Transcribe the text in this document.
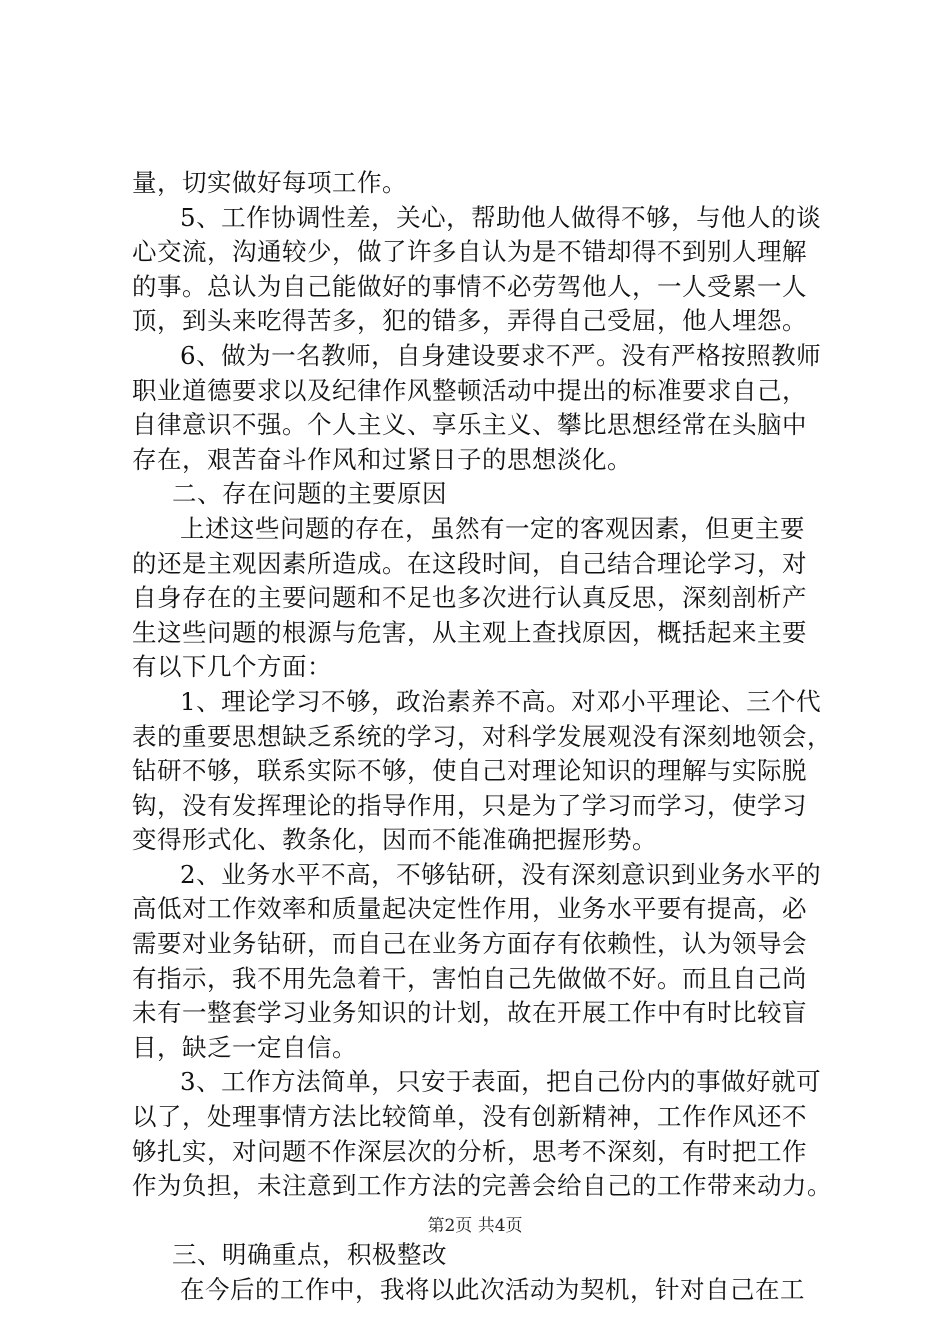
量，切实做好每项工作。
5、工作协调性差，关心，帮助他人做得不够，与他人的谈
心交流，沟通较少，做了许多自认为是不错却得不到别人理解
的事。总认为自己能做好的事情不必劳驾他人，一人受累一人
顶，到头来吃得苦多，犯的错多，弄得自己受屈，他人埋怨。
6、做为一名教师，自身建设要求不严。没有严格按照教师
职业道德要求以及纪律作风整顿活动中提出的标准要求自己，
自律意识不强。个人主义、享乐主义、攀比思想经常在头脑中
存在，艰苦奋斗作风和过紧日子的思想淡化。
二、存在问题的主要原因
上述这些问题的存在，虽然有一定的客观因素，但更主要
的还是主观因素所造成。在这段时间，自己结合理论学习，对
自身存在的主要问题和不足也多次进行认真反思，深刻剖析产
生这些问题的根源与危害，从主观上查找原因，概括起来主要
有以下几个方面：
1、理论学习不够，政治素养不高。对邓小平理论、三个代
表的重要思想缺乏系统的学习，对科学发展观没有深刻地领会，
钻研不够，联系实际不够，使自己对理论知识的理解与实际脱
钩，没有发挥理论的指导作用，只是为了学习而学习，使学习
变得形式化、教条化，因而不能准确把握形势。
2、业务水平不高，不够钻研，没有深刻意识到业务水平的
高低对工作效率和质量起决定性作用，业务水平要有提高，必
需要对业务钻研，而自己在业务方面存有依赖性，认为领导会
有指示，我不用先急着干，害怕自己先做做不好。而且自己尚
未有一整套学习业务知识的计划，故在开展工作中有时比较盲
目，缺乏一定自信。
3、工作方法简单，只安于表面，把自己份内的事做好就可
以了，处理事情方法比较简单，没有创新精神，工作作风还不
够扎实，对问题不作深层次的分析，思考不深刻，有时把工作
作为负担，未注意到工作方法的完善会给自己的工作带来动力。
三、明确重点，积极整改
在今后的工作中，我将以此次活动为契机，针对自己在工
第2页 共4页
